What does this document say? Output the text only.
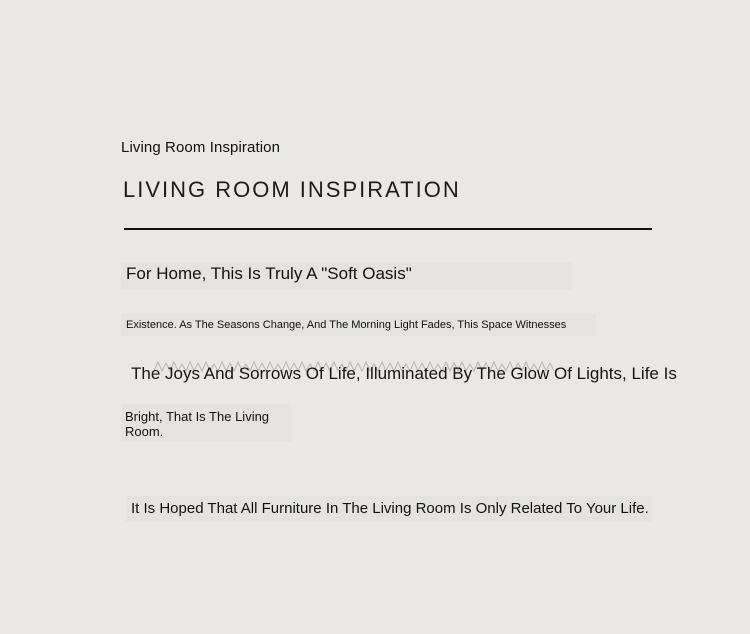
Living Room Inspiration
LIVING ROOM INSPIRATION
For Home, This Is Truly A "Soft Oasis"
Existence. As The Seasons Change, And The Morning Light Fades, This Space Witnesses
The Joys And Sorrows Of Life, Illuminated By The Glow Of Lights, Life Is
Bright, That Is The Living Room.
It Is Hoped That All Furniture In The Living Room Is Only Related To Your Life.
